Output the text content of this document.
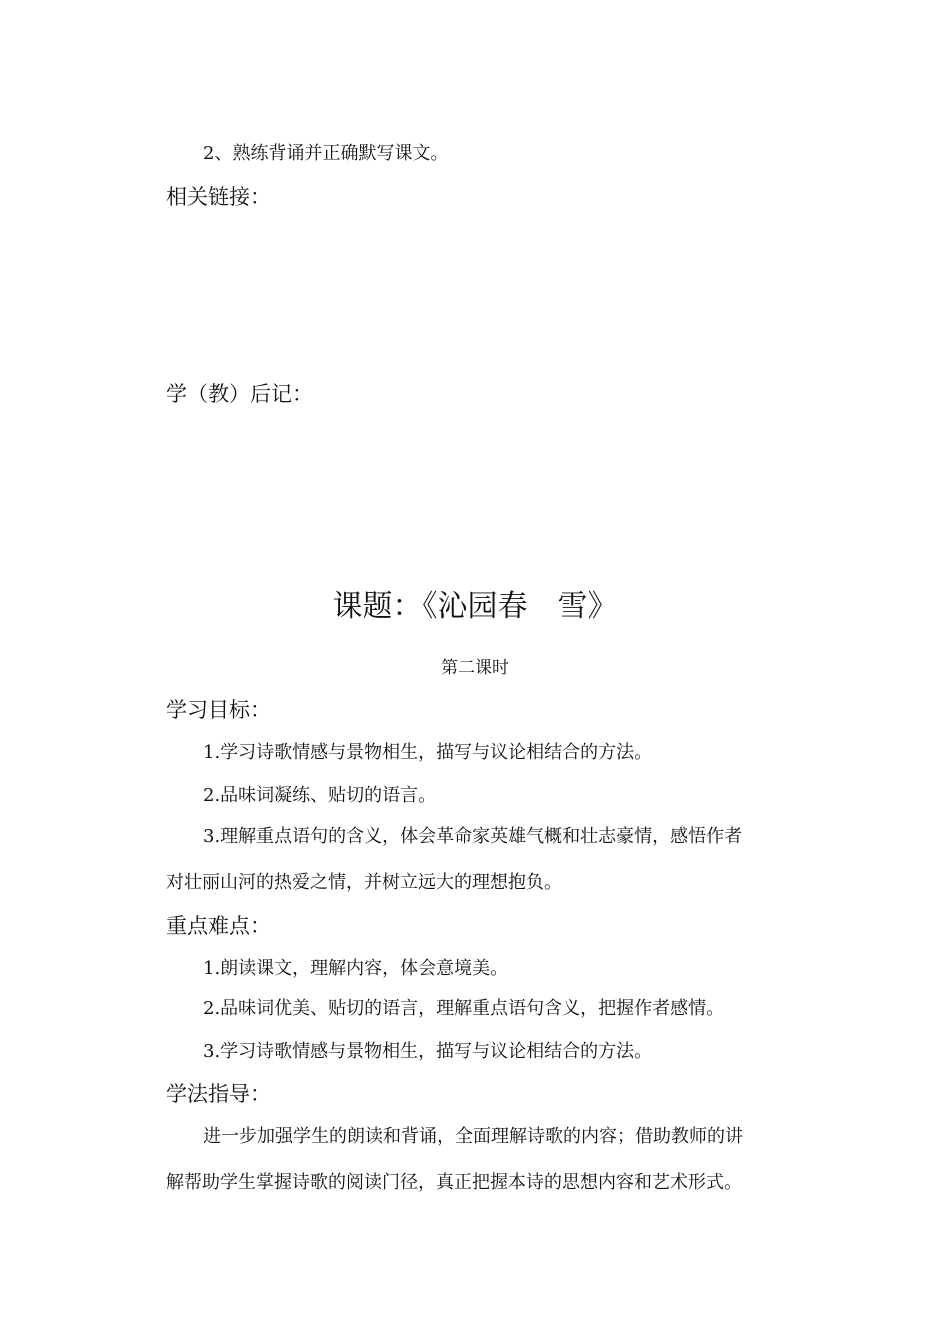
2、熟练背诵并正确默写课文。
相关链接：
学（教）后记：
课题：《沁园春　雪》
第二课时
学习目标：
1.学习诗歌情感与景物相生，描写与议论相结合的方法。
2.品味词凝练、贴切的语言。
3.理解重点语句的含义，体会革命家英雄气概和壮志豪情，感悟作者
对壮丽山河的热爱之情，并树立远大的理想抱负。
重点难点：
1.朗读课文，理解内容，体会意境美。
2.品味词优美、贴切的语言，理解重点语句含义，把握作者感情。
3.学习诗歌情感与景物相生，描写与议论相结合的方法。
学法指导：
进一步加强学生的朗读和背诵，全面理解诗歌的内容；借助教师的讲
解帮助学生掌握诗歌的阅读门径，真正把握本诗的思想内容和艺术形式。
